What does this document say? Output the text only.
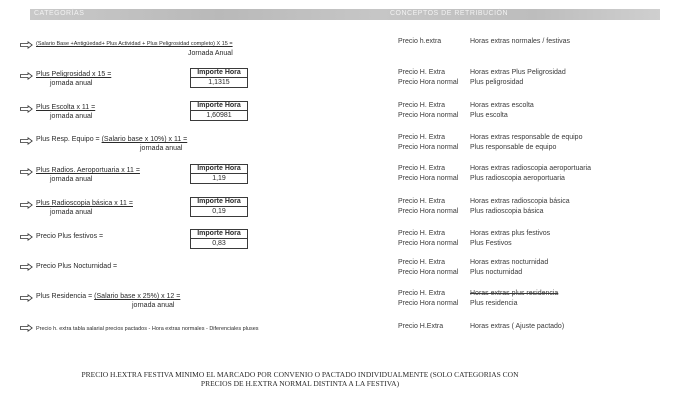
CATEGORÍAS	CONCEPTOS DE RETRIBUCIÓN
(Salario Base +Antigüedad+ Plus Actividad + Plus Peligrosidad completo) X 15 =
Jornada Anual
Precio h.extra	Horas extras normales / festivas
Plus Peligrosidad x 15 =
jornada anual
Importe Hora
1,1315
Precio H. Extra	Horas extras Plus Peligrosidad
Precio Hora normal Plus peligrosidad
Plus Escolta x 11 =
jornada anual
Importe Hora
1,60981
Precio H. Extra	Horas extras escolta
Precio Hora normal Plus escolta
Plus Resp. Equipo = (Salario base x 10%) x 11 =
jornada anual
Precio H. Extra	Horas extras responsable de equipo
Precio Hora normal Plus responsable de equipo
Plus Radios. Aeroportuaria x 11 =
jornada anual
Importe Hora
1,19
Precio H. Extra	Horas extras radioscopia aeroportuaria
Precio Hora normal Plus radioscopia aeroportuaria
Plus Radioscopia básica x 11 =
jornada anual
Importe Hora
0,19
Precio H. Extra	Horas extras radioscopia básica
Precio Hora normal Plus radioscopia básica
Precio Plus festivos =	Importe Hora
0,83
Precio H. Extra	Horas extras plus festivos
Precio Hora normal Plus Festivos
Precio Plus Nocturnidad =
Precio H. Extra	Horas extras nocturnidad
Precio Hora normal Plus nocturnidad
Plus Residencia = (Salario base x 25%) x 12 =
jornada anual
Precio H. Extra	Horas extras plus residencia
Precio Hora normal Plus residencia
Precio h. extra tabla salarial precios pactados - Hora extras normales - Diferenciales pluses	Precio H.Extra	Horas extras ( Ajuste pactado)
PRECIO H.EXTRA FESTIVA MINIMO EL MARCADO POR CONVENIO O PACTADO INDIVIDUALMENTE (SOLO CATEGORIAS CON
PRECIOS DE H.EXTRA NORMAL DISTINTA A LA FESTIVA)
